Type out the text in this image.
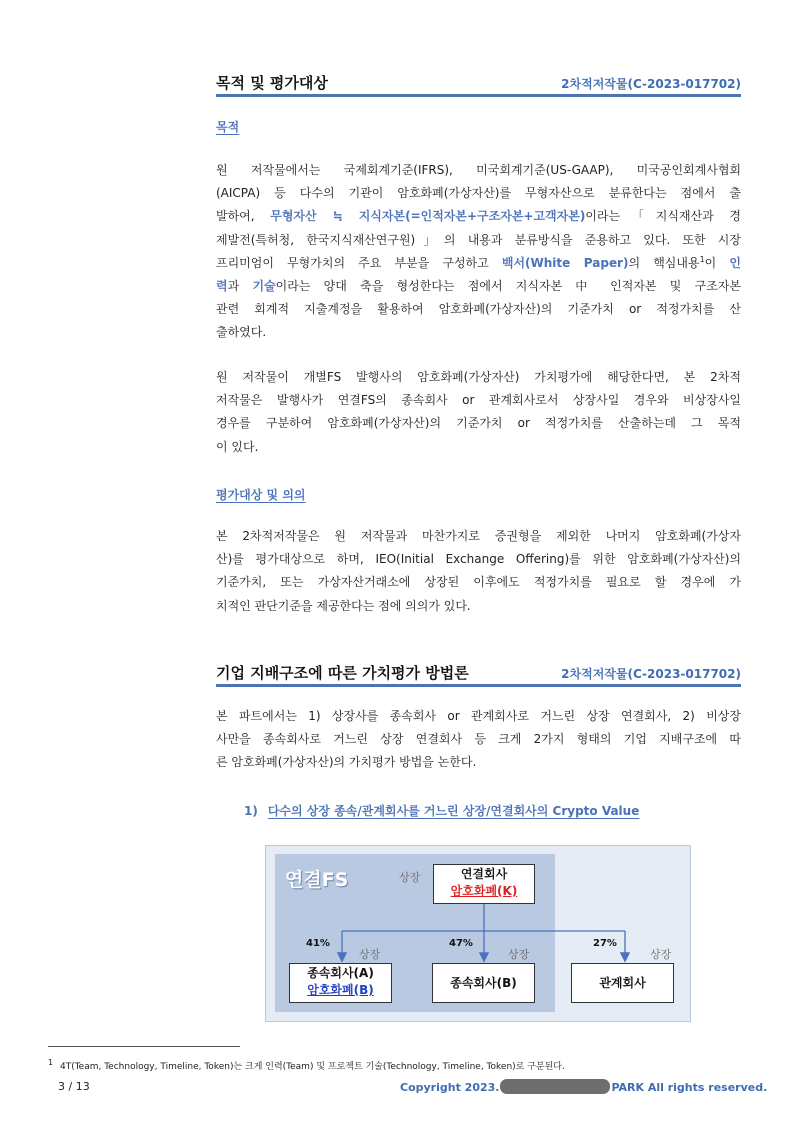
목적 및 평가대상	2차적저작물(C-2023-017702)
목적
원 저작물에서는 국제회계기준(IFRS), 미국회계기준(US-GAAP), 미국공인회계사협회
(AICPA) 등 다수의 기관이 암호화폐(가상자산)를 무형자산으로 분류한다는 점에서 출
발하여, 무형자산 ≒ 지식자본(=인적자본+구조자본+고객자본)이라는「지식재산과 경
제발전(특허청, 한국지식재산연구원)」의 내용과 분류방식을 준용하고 있다. 또한 시장
프리미엄이 무형가치의 주요 부분을 구성하고 백서(White Paper)의 핵심내용$^1$이 인
력과 기술이라는 양대 축을 형성한다는 점에서 지식자본 中 인적자본 및 구조자본
관련 회계적 지출계정을 활용하여 암호화폐(가상자산)의 기준가치 or 적정가치를 산
출하였다.
원 저작물이 개별FS 발행사의 암호화폐(가상자산) 가치평가에 해당한다면, 본 2차적
저작물은 발행사가 연결FS의 종속회사 or 관계회사로서 상장사일 경우와 비상장사일
경우를 구분하여 암호화폐(가상자산)의 기준가치 or 적정가치를 산출하는데 그 목적
이 있다.
평가대상 및 의의
본 2차적저작물은 원 저작물과 마찬가지로 증권형을 제외한 나머지 암호화폐(가상자
산)를 평가대상으로 하며, IEO(Initial Exchange Offering)를 위한 암호화폐(가상자산)의
기준가치, 또는 가상자산거래소에 상장된 이후에도 적정가치를 필요로 할 경우에 가
치적인 판단기준을 제공한다는 점에 의의가 있다.
기업 지배구조에 따른 가치평가 방법론	2차적저작물(C-2023-017702)
본 파트에서는 1) 상장사를 종속회사 or 관계회사로 거느린 상장 연결회사, 2) 비상장
사만을 종속회사로 거느린 상장 연결회사 등 크게 2가지 형태의 기업 지배구조에 따
른 암호화폐(가상자산)의 가치평가 방법을 논한다.
1) 다수의 상장 종속/관계회사를 거느린 상장/연결회사의 Crypto Value
연결FS	상장	연결회사
암호화폐(K)
41%
상장
47%
상장
27%
상장
종속회사(A)
암호화폐(B)	종속회사(B)	관계회사
$^1$ 4T(Team, Technology, Timeline, Token)는 크게 인력(Team) 및 프로젝트 기술(Technology, Timeline, Token)로 구분된다.
3 / 13	Copyright 2023.	PARK All rights reserved.
